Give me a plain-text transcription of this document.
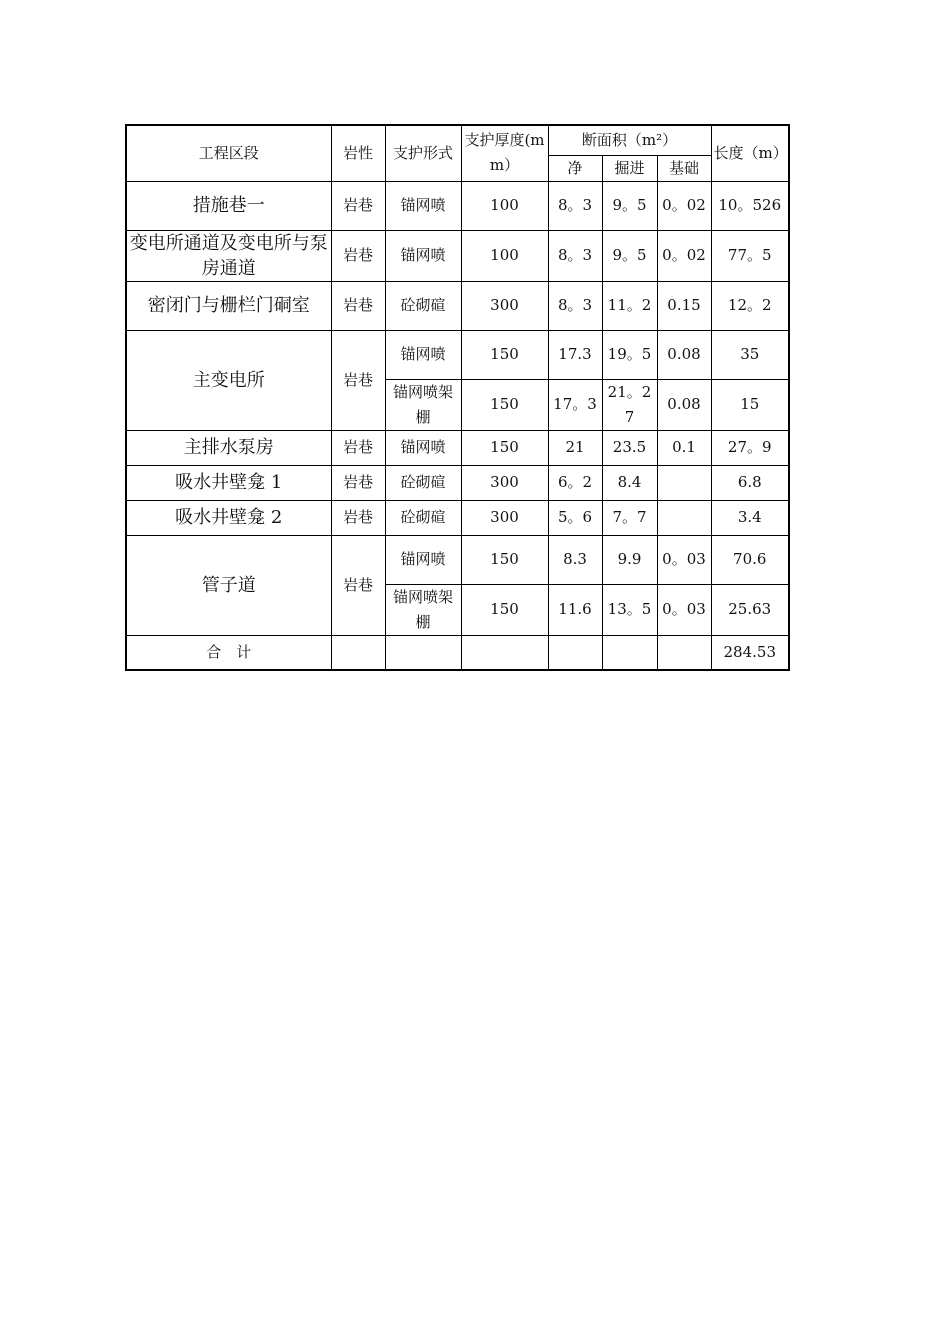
工程区段	岩性	支护形式	支护厚度(mm）	断面积（m²）			长度（m）
				净	掘进	基础	
措施巷一	岩巷	锚网喷	100	8。3	9。5	0。02	10。526
变电所通道及变电所与泵房通道	岩巷	锚网喷	100	8。3	9。5	0。02	77。5
密闭门与栅栏门硐室	岩巷	砼砌碹	300	8。3	11。2	0.15	12。2
主变电所	岩巷	锚网喷	150	17.3	19。5	0.08	35
		锚网喷架棚	150	17。3	21。27	0.08	15
主排水泵房	岩巷	锚网喷	150	21	23.5	0.1	27。9
吸水井壁龛 1	岩巷	砼砌碹	300	6。2	8.4		6.8
吸水井壁龛 2	岩巷	砼砌碹	300	5。6	7。7		3.4
管子道	岩巷	锚网喷	150	8.3	9.9	0。03	70.6
		锚网喷架棚	150	11.6	13。5	0。03	25.63
合　计							284.53
